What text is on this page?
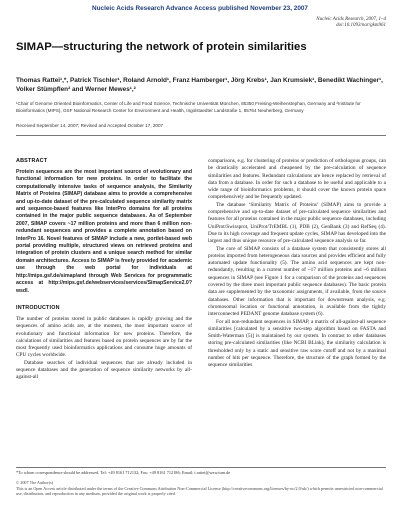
Nucleic Acids Research Advance Access published November 23, 2007
Nucleic Acids Research, 2007, 1–4
doi:10.1093/nar/gkm961
SIMAP—structuring the network of protein similarities
Thomas Rattei¹,*, Patrick Tischler¹, Roland Arnold¹, Franz Hamberger¹, Jörg Krebs¹, Jan Krumsiek¹, Benedikt Wachinger¹, Volker Stümpflen² and Werner Mewes¹,²
¹Chair of Genome Oriented Bioinformatics, Center of Life and Food Science, Technische Universität München, 85350 Freising-Weihenstephan, Germany and ²Institute for Bioinformatics (MIPS), GSF National Research Center for Environment and Health, Ingolstaedter Landstraße 1, 85764 Neuherberg, Germany
Received September 14, 2007; Revised and Accepted October 17, 2007
ABSTRACT

Protein sequences are the most important source of evolutionary and functional information for new proteins. In order to facilitate the computationally intensive tasks of sequence analysis, the Similarity Matrix of Proteins (SIMAP) database aims to provide a comprehensive and up-to-date dataset of the pre-calculated sequence similarity matrix and sequence-based features like InterPro domains for all proteins contained in the major public sequence databases. As of September 2007, SIMAP covers ~17 million proteins and more than 6 million non-redundant sequences and provides a complete annotation based on InterPro 16. Novel features of SIMAP include a new, portlet-based web portal providing multiple, structured views on retrieved proteins and integration of protein clusters and a unique search method for similar domain architectures. Access to SIMAP is freely provided for academic use through the web portal for individuals at http://mips.gsf.de/simap/and through Web Services for programmatic access at http://mips.gsf.de/webservices/services/SimapService2.0?wsdl.

INTRODUCTION

The number of proteins stored in public databases is rapidly growing and the sequences of amino acids are, at the moment, the most important source of evolutionary and functional information for new proteins. Therefore, the calculations of similarities and features based on protein sequences are by far the most frequently used bioinformatics applications and consume huge amounts of CPU cycles worldwide.

Database searches of individual sequences that are already included in sequence databases and the generation of sequence similarity networks by all-against-all

comparisons, e.g. for clustering of proteins or prediction of orthologous groups, can be drastically accelerated and cheapened by the pre-calculation of sequence similarities and features. Redundant calculations are hence replaced by retrieval of data from a database. In order for such a database to be useful and applicable to a wide range of bioinformatics problems, it should cover the known protein space comprehensively and be frequently updated.

The database ‘Similarity Matrix of Proteins’ (SIMAP) aims to provide a comprehensive and up-to-date dataset of pre-calculated sequence similarities and features for all proteins contained in the major public sequence databases, including UniProt/Swissprot, UniProt/TrEMBL (1), PDB (2), GenBank (3) and RefSeq (4). Due to its high coverage and frequent update cycles, SIMAP has developed into the largest and thus unique resource of pre-calculated sequence analysis so far.

The core of SIMAP consists of a database system that consistently stores all proteins imported from heterogeneous data sources and provides efficient and fully automated update functionality (5). The amino acid sequences are kept non-redundantly, resulting in a current number of ~17 million proteins and ~6 million sequences in SIMAP (see Figure 1 for a comparison of the proteins and sequences covered by the three most important public sequence databases). The basic protein data are supplemented by the taxonomic assignments, if available, from the source databases. Other information that is important for downstream analysis, e.g. chromosomal location or functional annotation, is available from the tightly interconnected PEDANT genome database system (6).

For all non-redundant sequences in SIMAP, a matrix of all-against-all sequence similarities [calculated by a sensitive two-step algorithm based on FASTA and Smith-Waterman (5)] is maintained by our system. In contrast to other databases storing pre-calculated similarities (like NCBI BLink), the similarity calculation is thresholded only by a static and sensitive raw score cutoff and not by a maximal number of hits per sequence. Therefore, the structure of the graph formed by the sequence similarities

*To whom correspondence should be addressed. Tel: +49 8161 712132; Fax: +49 8161 712186; Email: t.rattei@wzw.tum.de
© 2007 The Author(s)
This is an Open Access article distributed under the terms of the Creative Commons Attribution Non-Commercial License (http://creativecommons.org/licenses/by-nc/2.0/uk/) which permits unrestricted non-commercial use, distribution, and reproduction in any medium, provided the original work is properly cited.
